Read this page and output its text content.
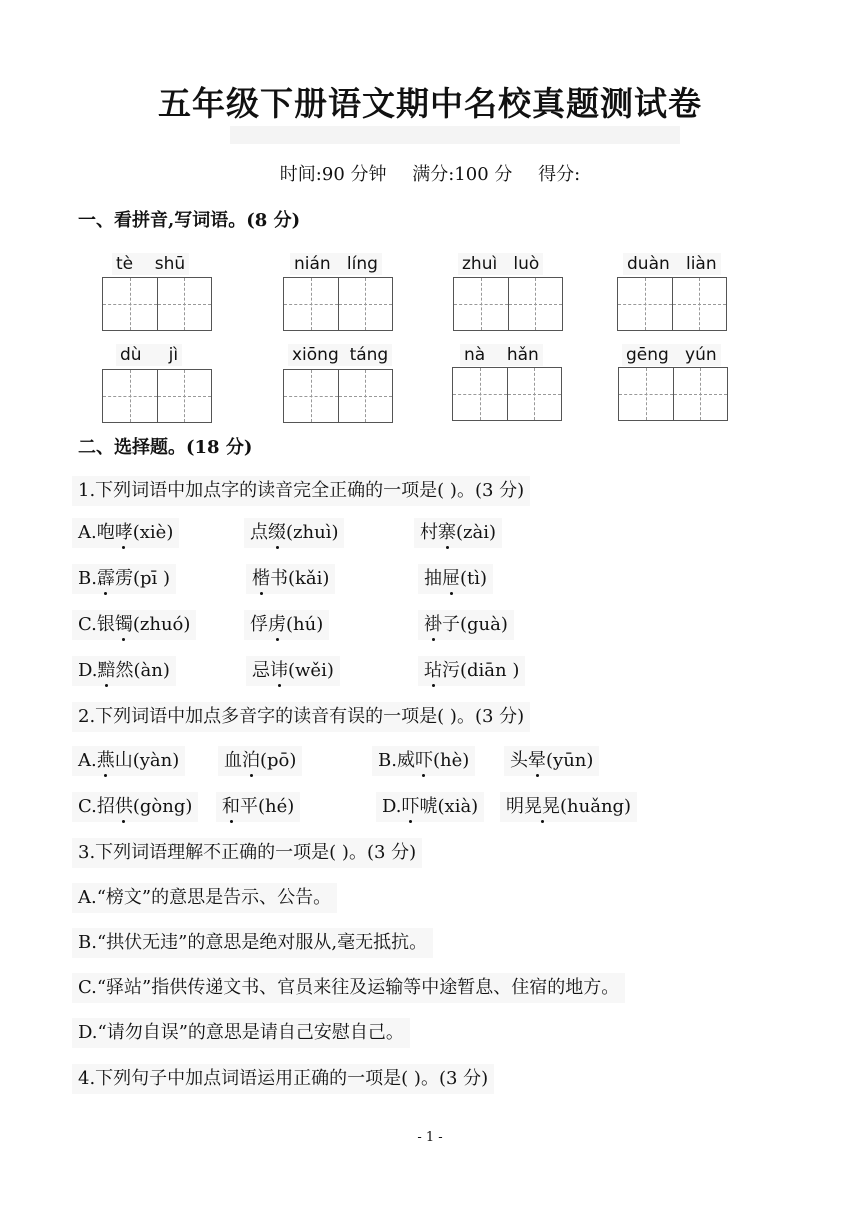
五年级下册语文期中名校真题测试卷
时间:90 分钟 满分:100 分 得分:
一、看拼音,写词语。(8 分)
tè shū	nián líng	zhuì luò	duàn liàn
dù jì	xiōng táng	nà hǎn	gēng yún
二、选择题。(18 分)
1.下列词语中加点字的读音完全正确的一项是( )。(3 分)
A.咆哮(xiè)	点缀(zhuì)	村寨(zài)
B.霹雳(pī )	楷书(kǎi)	抽屉(tì)
C.银镯(zhuó)	俘虏(hú)	褂子(guà)
D.黯然(àn)	忌讳(wěi)	玷污(diān )
2.下列词语中加点多音字的读音有误的一项是( )。(3 分)
A.燕山(yàn)	血泊(pō)	B.威吓(hè)	头晕(yūn)
C.招供(gòng)	和平(hé)	D.吓唬(xià)	明晃晃(huǎng)
3.下列词语理解不正确的一项是( )。(3 分)
A.“榜文”的意思是告示、公告。
B.“拱伏无违”的意思是绝对服从,毫无抵抗。
C.“驿站”指供传递文书、官员来往及运输等中途暂息、住宿的地方。
D.“请勿自误”的意思是请自己安慰自己。
4.下列句子中加点词语运用正确的一项是( )。(3 分)
- 1 -
